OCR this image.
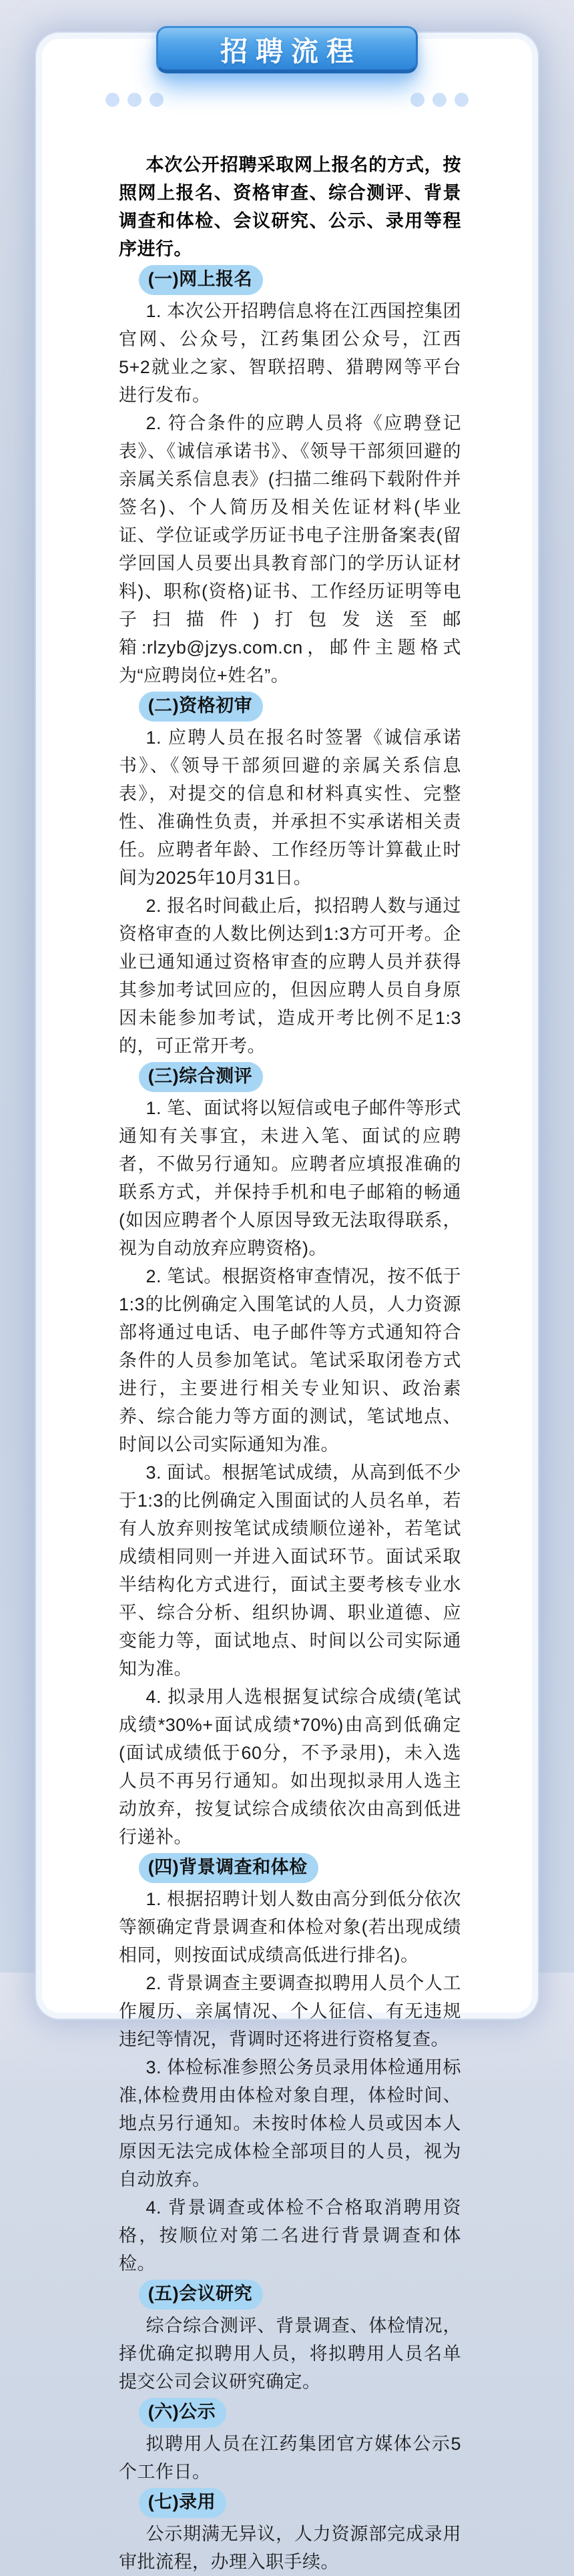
本次公开招聘采取网上报名的方式，按照网上报名、资格审查、综合测评、背景调查和体检、会议研究、公示、录用等程序进行。

(一)网上报名

1. 本次公开招聘信息将在江西国控集团官网、公众号，江药集团公众号，江西5+2就业之家、智联招聘、猎聘网等平台进行发布。

2. 符合条件的应聘人员将《应聘登记表》、《诚信承诺书》、《领导干部须回避的亲属关系信息表》(扫描二维码下载附件并签名)、个人简历及相关佐证材料(毕业证、学位证或学历证书电子注册备案表(留学回国人员要出具教育部门的学历认证材料)、职称(资格)证书、工作经历证明等电子扫描件)打包发送至邮箱:rlzyb@jzys.com.cn，邮件主题格式为“应聘岗位+姓名”。

(二)资格初审

1. 应聘人员在报名时签署《诚信承诺书》、《领导干部须回避的亲属关系信息表》，对提交的信息和材料真实性、完整性、准确性负责，并承担不实承诺相关责任。应聘者年龄、工作经历等计算截止时间为2025年10月31日。

2. 报名时间截止后，拟招聘人数与通过资格审查的人数比例达到1:3方可开考。企业已通知通过资格审查的应聘人员并获得其参加考试回应的，但因应聘人员自身原因未能参加考试，造成开考比例不足1:3的，可正常开考。

(三)综合测评

1. 笔、面试将以短信或电子邮件等形式通知有关事宜，未进入笔、面试的应聘者，不做另行通知。应聘者应填报准确的联系方式，并保持手机和电子邮箱的畅通(如因应聘者个人原因导致无法取得联系，视为自动放弃应聘资格)。

2. 笔试。根据资格审查情况，按不低于1:3的比例确定入围笔试的人员，人力资源部将通过电话、电子邮件等方式通知符合条件的人员参加笔试。笔试采取闭卷方式进行，主要进行相关专业知识、政治素养、综合能力等方面的测试，笔试地点、时间以公司实际通知为准。

3. 面试。根据笔试成绩，从高到低不少于1:3的比例确定入围面试的人员名单，若有人放弃则按笔试成绩顺位递补，若笔试成绩相同则一并进入面试环节。面试采取半结构化方式进行，面试主要考核专业水平、综合分析、组织协调、职业道德、应变能力等，面试地点、时间以公司实际通知为准。

4. 拟录用人选根据复试综合成绩(笔试成绩*30%+面试成绩*70%)由高到低确定(面试成绩低于60分，不予录用)，未入选人员不再另行通知。如出现拟录用人选主动放弃，按复试综合成绩依次由高到低进行递补。

(四)背景调查和体检

1. 根据招聘计划人数由高分到低分依次等额确定背景调查和体检对象(若出现成绩相同，则按面试成绩高低进行排名)。

2. 背景调查主要调查拟聘用人员个人工作履历、亲属情况、个人征信、有无违规违纪等情况，背调时还将进行资格复查。

3. 体检标准参照公务员录用体检通用标准,体检费用由体检对象自理，体检时间、地点另行通知。未按时体检人员或因本人原因无法完成体检全部项目的人员，视为自动放弃。

4. 背景调查或体检不合格取消聘用资格，按顺位对第二名进行背景调查和体检。

(五)会议研究

综合综合测评、背景调查、体检情况，择优确定拟聘用人员，将拟聘用人员名单提交公司会议研究确定。

(六)公示

拟聘用人员在江药集团官方媒体公示5个工作日。

(七)录用

公示期满无异议，人力资源部完成录用审批流程，办理入职手续。

招聘流程
